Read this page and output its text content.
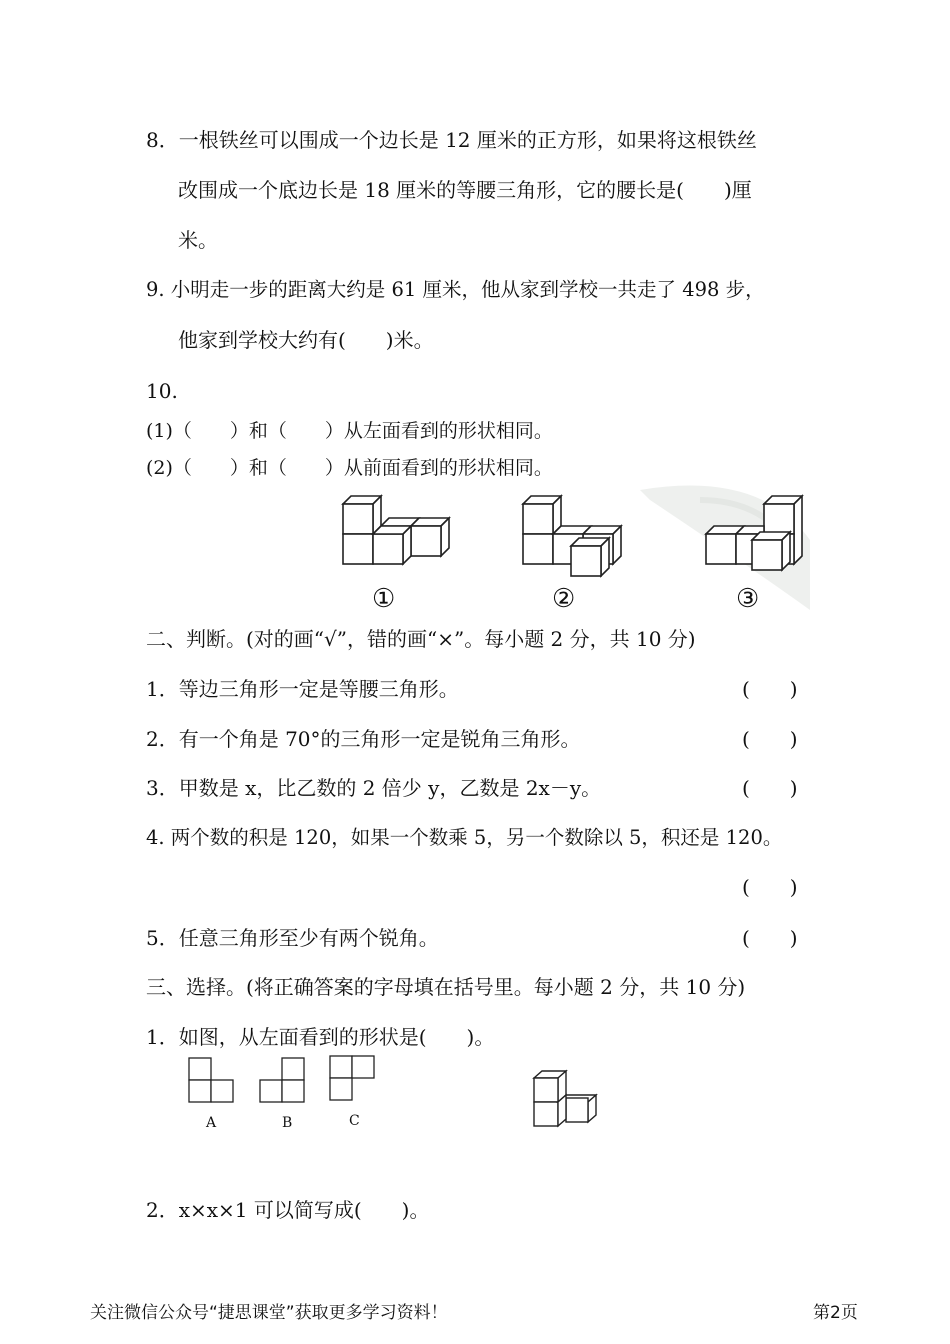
8．一根铁丝可以围成一个边长是 12 厘米的正方形，如果将这根铁丝
改围成一个底边长是 18 厘米的等腰三角形，它的腰长是(　　)厘
米。
9. 小明走一步的距离大约是 61 厘米，他从家到学校一共走了 498 步，
他家到学校大约有(　　)米。
10.
(1)（　　）和（　　）从左面看到的形状相同。
(2)（　　）和（　　）从前面看到的形状相同。
①	②	③
二、判断。(对的画“√”，错的画“×”。每小题 2 分，共 10 分)
1．等边三角形一定是等腰三角形。	(　　)
2．有一个角是 70°的三角形一定是锐角三角形。	(　　)
3．甲数是 x，比乙数的 2 倍少 y，乙数是 2x－y。	(　　)
4. 两个数的积是 120，如果一个数乘 5，另一个数除以 5，积还是 120。
(　　)
5．任意三角形至少有两个锐角。	(　　)
三、选择。(将正确答案的字母填在括号里。每小题 2 分，共 10 分)
1．如图，从左面看到的形状是(　　)。
A	B	C
2．x×x×1 可以简写成(　　)。
关注微信公众号“捷思课堂”获取更多学习资料！	第2页
